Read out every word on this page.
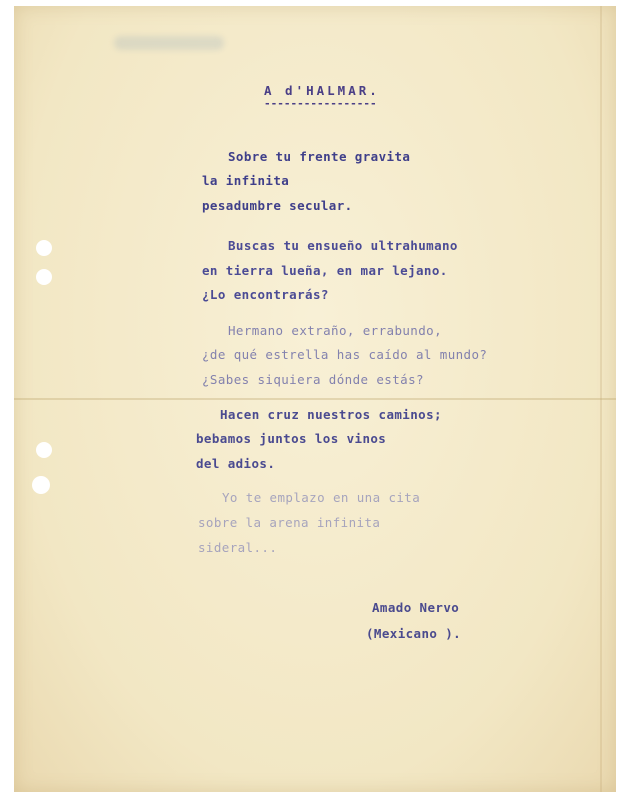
A d'HALMAR.
-----------------
Sobre tu frente gravita
la infinita
pesadumbre secular.
Buscas tu ensueño ultrahumano
en tierra lueña, en mar lejano.
¿Lo encontrarás?
Hermano extraño, errabundo,
¿de qué estrella has caído al mundo?
¿Sabes siquiera dónde estás?
Hacen cruz nuestros caminos;
bebamos juntos los vinos
del adios.
Yo te emplazo en una cita
sobre la arena infinita
sideral...
Amado Nervo
(Mexicano ).
